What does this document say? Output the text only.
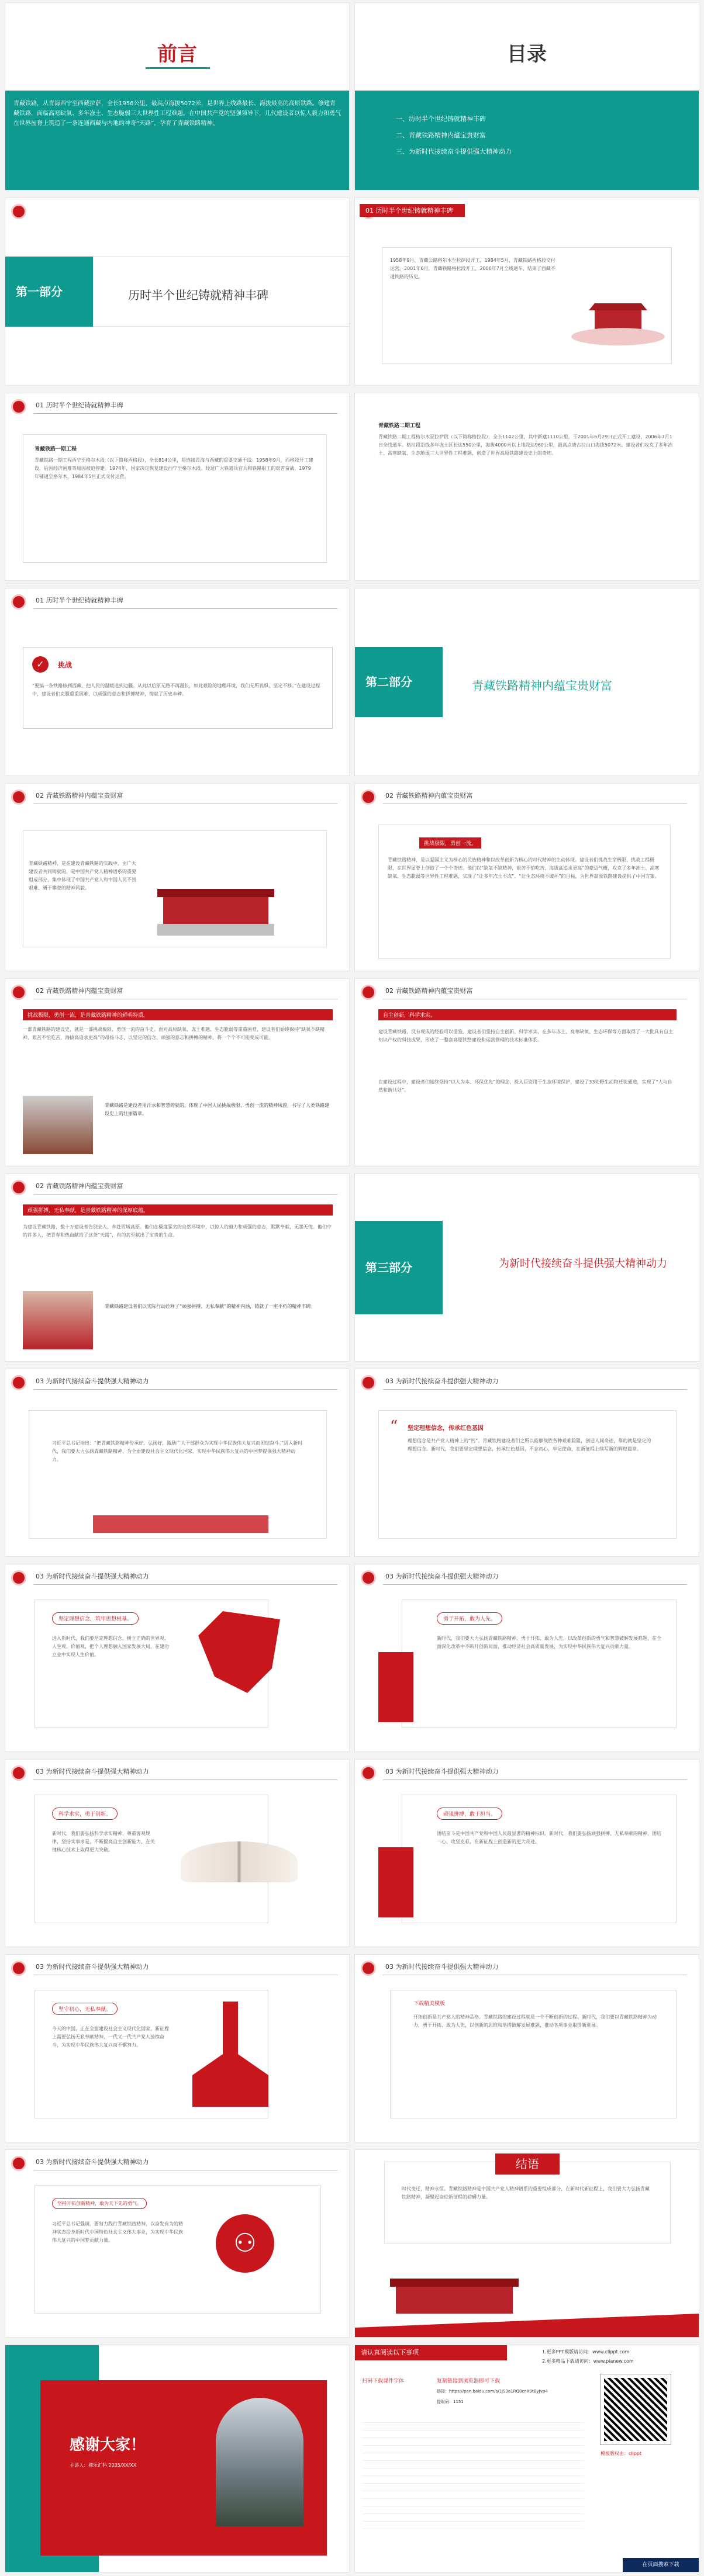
前言
青藏铁路，从青海西宁至西藏拉萨，全长1956公里，最高点海拔5072米，是世界上线路最长、海拔最高的高原铁路。修建青藏铁路，面临高寒缺氧、多年冻土、生态脆弱三大世界性工程难题。在中国共产党的坚强领导下，几代建设者以惊人毅力和勇气在世界屋脊上筑造了一条连通西藏与内地的神奇“天路”，孕育了青藏铁路精神。
目录
一、历时半个世纪铸就精神丰碑
二、青藏铁路精神内蕴宝贵财富
三、为新时代接续奋斗提供强大精神动力
第一部分	历时半个世纪铸就精神丰碑
01 历时半个世纪铸就精神丰碑
1958年9月，青藏公路格尔木至拉萨段开工，1984年5月，青藏铁路西格段交付运营。2001年6月，青藏铁路格拉段开工，2006年7月全线通车，结束了西藏不通铁路的历史。
01 历时半个世纪铸就精神丰碑
青藏铁路一期工程
青藏铁路一期工程西宁至格尔木段（以下简称西格段），全长814公里，是连接青海与西藏的重要交通干线。1958年9月，西格段开工建设，后因经济困难等原因被迫停建。1974年，国家决定恢复建设西宁至格尔木段。经过广大铁道兵官兵和铁路职工的艰苦奋战，1979年铺通至格尔木，1984年5月正式交付运营。
青藏铁路二期工程
青藏铁路二期工程格尔木至拉萨段（以下简称格拉段），全长1142公里，其中新建1110公里，于2001年6月29日正式开工建设，2006年7月1日全线通车。格拉段沿线多年冻土区长达550公里，海拔4000米以上地段达960公里，最高点唐古拉山口海拔5072米。建设者们攻克了多年冻土、高寒缺氧、生态脆弱三大世界性工程难题，创造了世界高原铁路建设史上的奇迹。
01 历时半个世纪铸就精神丰碑
✓	挑战
“要搞一条铁路修到西藏，把人民的温暖送到边疆。从此以后原无路不再漫长，如此艰险的地理环境，我们无所畏惧，坚定不移。”在建设过程中，建设者们克服重重困难，以顽强的意志和拼搏精神，铸就了历史丰碑。
第二部分	青藏铁路精神内蕴宝贵财富
02 青藏铁路精神内蕴宝贵财富
青藏铁路精神，是在建设青藏铁路的实践中，由广大建设者共同铸就的，是中国共产党人精神谱系的重要组成部分，集中体现了中国共产党人和中国人民不畏艰难、勇于攀登的精神风貌。
02 青藏铁路精神内蕴宝贵财富
挑战极限，勇创一流。
青藏铁路精神，是以爱国主义为核心的民族精神和以改革创新为核心的时代精神的生动体现。建设者们挑战生命极限，挑战工程极限，在世界屋脊上创造了一个个奇迹。他们以“缺氧不缺精神，艰苦不怕吃苦，海拔高追求更高”的豪迈气概，攻克了多年冻土、高寒缺氧、生态脆弱等世界性工程难题，实现了“让多年冻土不冻”、“让生态环境不破坏”的目标，为世界高原铁路建设提供了中国方案。
02 青藏铁路精神内蕴宝贵财富
挑战极限，勇创一流，是青藏铁路精神的鲜明特质。
一部青藏铁路的建设史，就是一部挑战极限、勇创一流的奋斗史。面对高原缺氧、冻土难题、生态脆弱等重重困难，建设者们始终保持“缺氧不缺精神、艰苦不怕吃苦、海拔高追求更高”的昂扬斗志，以坚定的信念、顽强的意志和拼搏的精神，将一个个不可能变成可能。
青藏铁路是建设者用汗水和智慧铸就的，体现了中国人民挑战极限、勇创一流的精神风貌，书写了人类铁路建设史上的壮丽篇章。
02 青藏铁路精神内蕴宝贵财富
自主创新，科学求实。
建设青藏铁路，没有现成的经验可以借鉴。建设者们坚持自主创新、科学求实，在多年冻土、高寒缺氧、生态环保等方面取得了一大批具有自主知识产权的科技成果，形成了一整套高原铁路建设和运营管理的技术标准体系。
在建设过程中，建设者们始终坚持“以人为本、环保优先”的理念，投入巨资用于生态环境保护，建设了33处野生动物迁徙通道，实现了“人与自然和谐共处”。
02 青藏铁路精神内蕴宝贵财富
顽强拼搏，无私奉献，是青藏铁路精神的深厚底蕴。
为建设青藏铁路，数十万建设者告别亲人，奔赴雪域高原。他们在极度恶劣的自然环境中，以惊人的毅力和顽强的意志，默默奉献，无怨无悔。他们中的许多人，把青春和热血献给了这条“天路”，有的甚至献出了宝贵的生命。
青藏铁路建设者们以实际行动诠释了“顽强拼搏、无私奉献”的精神内涵，铸就了一座不朽的精神丰碑。
第三部分	为新时代接续奋斗提供强大精神动力
03 为新时代接续奋斗提供强大精神动力
习近平总书记指出：“把青藏铁路精神传承好、弘扬好，激励广大干部群众为实现中华民族伟大复兴而团结奋斗。”进入新时代，我们要大力弘扬青藏铁路精神，为全面建设社会主义现代化国家、实现中华民族伟大复兴的中国梦提供强大精神动力。
03 为新时代接续奋斗提供强大精神动力
“ 坚定理想信念，传承红色基因
理想信念是共产党人精神上的“钙”。青藏铁路建设者们之所以能够战胜各种艰难险阻，创造人间奇迹，靠的就是坚定的理想信念。新时代，我们要坚定理想信念，传承红色基因，不忘初心，牢记使命，在新征程上续写新的辉煌篇章。
03 为新时代接续奋斗提供强大精神动力
坚定理想信念，筑牢思想根基。
进入新时代，我们要坚定理想信念，树立正确的世界观、人生观、价值观，把个人理想融入国家发展大局，在建功立业中实现人生价值。
03 为新时代接续奋斗提供强大精神动力
勇于开拓，敢为人先。
新时代，我们要大力弘扬青藏铁路精神，勇于开拓、敢为人先，以改革创新的勇气和智慧破解发展难题，在全面深化改革中不断开创新局面，推动经济社会高质量发展，为实现中华民族伟大复兴贡献力量。
03 为新时代接续奋斗提供强大精神动力
科学求实，勇于创新。
新时代，我们要弘扬科学求实精神，尊重客观规律，坚持实事求是，不断提高自主创新能力，在关键核心技术上取得更大突破。
03 为新时代接续奋斗提供强大精神动力
顽强拼搏，敢于担当。
团结奋斗是中国共产党和中国人民最显著的精神标识。新时代，我们要弘扬顽强拼搏、无私奉献的精神，团结一心、攻坚克难，在新征程上创造新的更大奇迹。
03 为新时代接续奋斗提供强大精神动力
坚守初心，无私奉献。
今天的中国，正在全面建设社会主义现代化国家，新征程上需要弘扬无私奉献精神，一代又一代共产党人接续奋斗，为实现中华民族伟大复兴而不懈努力。
03 为新时代接续奋斗提供强大精神动力
下载精美模板
开拓创新是共产党人的精神品格。青藏铁路的建设过程就是一个不断创新的过程。新时代，我们要以青藏铁路精神为动力，勇于开拓、敢为人先，以创新的思维和举措破解发展难题，推动各项事业取得新进展。
03 为新时代接续奋斗提供强大精神动力
坚持开拓创新精神，敢为天下先的勇气。
习近平总书记强调，要努力践行青藏铁路精神，以奋发有为的精神状态投身新时代中国特色社会主义伟大事业，为实现中华民族伟大复兴的中国梦贡献力量。	⚇
结语
时代变迁，精神永恒。青藏铁路精神是中国共产党人精神谱系的重要组成部分，在新时代新征程上，我们要大力弘扬青藏铁路精神，凝聚起奋进新征程的磅礴力量。
感谢大家！
主讲人：穆乐汇科 2035/XX/XX
请认真阅读以下事项	1.更多PPT模版请访问：www.clippt.com
2.更多精品下载请访问：www.pianew.com
扫码下载课件字体	复制链接到浏览器即可下载
链接：https://pan.baidu.com/s/1jS3a1RQ8cnX9tByJvp4
提取码：1151
模板版权由：clippt
在页面搜索下载
